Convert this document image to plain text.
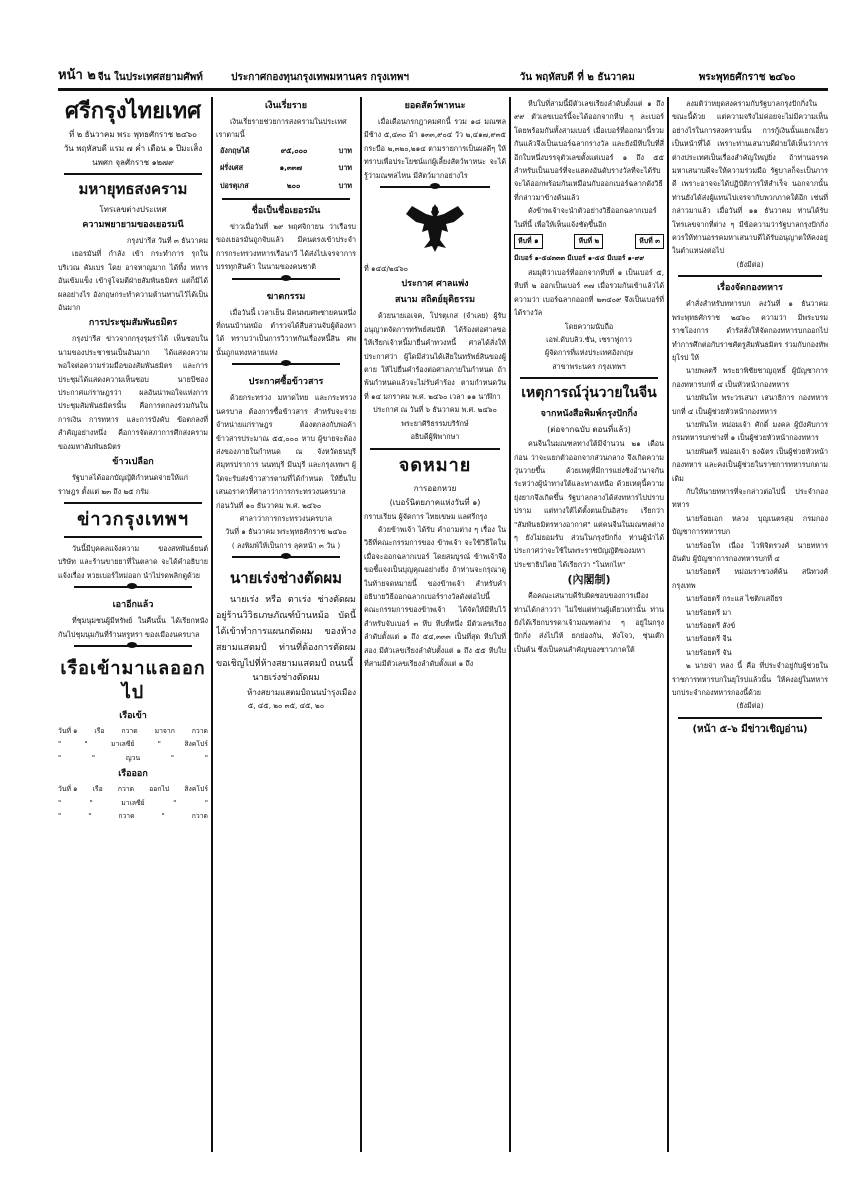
หน้า ๒ จีน ในประเทศสยามศัพท์	ประกาศกองทุนกรุงเทพมหานคร กรุงเทพฯ	วัน พฤหัสบดี ที่ ๒ ธันวาคม	พระพุทธศักราช ๒๔๖๐
ศรีกรุงไทยเทศ
ที่ ๒ ธันวาคม พระ พุทธศักราช ๒๔๖๐
วัน พฤหัสบดี แรม ๗ ค่ำ เดือน ๑ ปีมะเส็ง
นพศก จุลศักราช ๑๒๗๙
มหายุทธสงคราม
โทรเลขต่างประเทศ
ความพยายามของเยอรมนี
กรุงปารีส วันที่ ๓ ธันวาคม

เยอรมันที่ กำลัง เข้า กระทำการ รุกในบริเวณ คัมเบร โดย อาจหาญมาก ได้ทิ้ง ทหาร อันเข้มแข็ง เข้าจู่โจมตีฝ่ายสัมพันธมิตร แต่ก็มิได้ผลอย่างไร อังกฤษกระทำความต้านทานไว้ได้เป็นอันมาก

การประชุมสัมพันธมิตร

กรุงปารีส ข่าวจากกรุงรุมร่าได้ เห็นชอบในนามของประชาชนเป็นอันมาก ได้แสดงความพอใจต่อความร่วมมือของสัมพันธมิตร และการประชุมได้แสดงความเห็นชอบ นายบีชอง ประกาศแก่ราษฎรว่า ผลอันน่าพอใจแห่งการประชุมสัมพันธมิตรนั้น คือการตกลงร่วมกันในการเงิน การทหาร และการบังคับ ข้อตกลงที่สำคัญอย่างหนึ่ง คือการจัดสภาการศึกสงครามของมหาสัมพันธมิตร

ข้าวเปลือก

รัฐบาลได้ออกบัญญัติกำหนดจ่ายให้แก่ราษฎร ตั้งแต่ ๒๓ ถึง ๒๕ กรัม

ข่าวกรุงเทพฯ

วันนี้มีบุคคลแจ้งความ ของสหพันธ์ยนต์ บริษัท และร้านขายยาที่ในตลาด จะได้คำอธิบายแจ้งเรื่อง หวยเบอร์ใหม่ออก นำไปรดพลิกดูด้วย

เอาอีกแล้ว

ที่ชุมนุมชนผู้มีทรัพย์ ในคืนนั้น ได้เรียกหนังกันไปชุมนุมกันที่ร้านหรูหรา ของเมืองนครบาล

เรือเข้ามาแลออกไป
เรือเข้า
วันที่ ๑ เรือ กวาด มาจาก กวาด
"	"	มาเลซีย์	"	สิงคโปร์
"	"	ญวน	"	"
เรือออก
วันที่ ๑ เรือ กวาด ออกไป สิงคโปร์
"	"	มาเลซีย์	"	"
"	"	กวาด	"	กวาด
เงินเรี่ยราย

เงินเรี่ยรายช่วยการสงครามในประเทศเราตามนี้

อังกฤษได้	๙๕,๐๐๐	บาท
ฝรั่งเศส	๑,๓๓๗	บาท
ปอรตุเกส	๒๐๐	บาท
ชื่อเป็นชื่อเยอรมัน

ข่าวเมื่อวันที่ ๒๙ พฤศจิกายน ว่าเรือรบของเยอรมันถูกจับแล้ว มีคนตรงเข้าประจำการกระทรวงทหารเรือนาวี ได้ส่งไปเจรจาการบรรทุกสินค้า ในนามของคนชาติ

ฆาตกรรม

เมื่อวันนี้ เวลาเย็น มีคนพบศพชายคนหนึ่ง ที่ถนนบ้านหม้อ ตำรวจได้สืบสวนจับผู้ต้องหาได้ ทราบว่าเป็นการวิวาทกันเรื่องหนี้สิน ศพนั้นถูกแทงหลายแห่ง

ประกาศซื้อข้าวสาร

ด้วยกระทรวง มหาดไทย และกระทรวงนครบาล ต้องการซื้อข้าวสาร สำหรับจะจ่ายจำหน่ายแก่ราษฎร ต้องตกลงกับพ่อค้า ข้าวสารประมาณ ๕๕,๐๐๐ หาบ ผู้ขายจะต้องส่งของภายในกำหนด ณ จังหวัดธนบุรี สมุทรปราการ นนทบุรี มีนบุรี และกรุงเทพฯ ผู้ใดจะรับส่งข้าวสารตามที่ได้กำหนด ให้ยื่นใบเสนอราคาที่ศาลาว่าการกระทรวงนครบาล ก่อนวันที่ ๑๐ ธันวาคม พ.ศ. ๒๔๖๐

ศาลาว่าการกระทรวงนครบาล
วันที่ ๑ ธันวาคม พระพุทธศักราช ๒๔๖๐
( ลงพิมพ์ให้เป็นการ ลุคหน้า ๓ วัน )
นายเร่งช่างตัดผม

นายเร่ง หรือ ตาเร่ง ช่างตัดผม อยู่ร้านวิวิธเภษภัณฑ์บ้านหม้อ บัดนี้ได้เข้าทำการแผนกตัดผม ของห้างสยามแสตมป์ ท่านที่ต้องการตัดผม ขอเชิญไปที่ห้างสยามแสตมป์ ถนนนี้

นายเร่งช่างตัดผม
ห้างสยามแสตมป์ถนนบำรุงเมือง
๕, ๔๕, ๒๐ ๓๕, ๔๕, ๒๐
ยอดสัตว์พาหนะ

เมื่อเดือนกรกฎาคมศกนี้ รวม ๑๘ มณฑล มีช้าง ๕,๔๓๐ ม้า ๑๓๓,๙๐๔ วัว ๒,๔๑๗,๙๓๕ กระบือ ๒,๓๒๐,๒๑๔ ตามรายการเป็นผลดีๆ ให้ทราบเพื่อประโยชน์แก่ผู้เลี้ยงสัตว์พาหนะ จะได้รู้ว่ามณฑลไหน มีสัตว์มากอย่างไร

ที่ ๑๔๔/๒๔๖๐
ประกาศ ศาลแพ่ง
สนาม สถิตย์ยุติธรรม

ด้วยนายเอเจค, โปรตุเกส (จำเลย) ผู้รับอนุญาตจัดการทรัพย์สมบัติ ได้ร้องต่อศาลขอให้เรียกเจ้าหนี้มายื่นคำทวงหนี้ ศาลได้สั่งให้ประกาศว่า ผู้ใดมีส่วนได้เสียในทรัพย์สินของผู้ตาย ให้ไปยื่นคำร้องต่อศาลภายในกำหนด ถ้าพ้นกำหนดแล้วจะไม่รับคำร้อง ตามกำหนดวันที่ ๑๔ มกราคม พ.ศ. ๒๔๖๐ เวลา ๑๑ นาฬิกา

ประกาศ ณ วันที่ ๖ ธันวาคม พ.ศ. ๒๔๖๐
พระยาศิริธรรมบริรักษ์
อธิบดีผู้พิพากษา
จดหมาย
การออกหวย
(เบอร์นิตยภาคแห่งวันที่ ๑)
กราบเรียน ผู้จัดการ ไทยเขษม แลศรีกรุง

ด้วยข้าพเจ้า ได้รับ คำถามต่าง ๆ เรื่อง ในวิธีที่คณะกรรมการของ ข้าพเจ้า จะใช้วิธีใดในเมื่อจะออกฉลากเบอร์ โดยสมบูรณ์ ข้าพเจ้าจึงขอชี้แจงเป็นบุญคุณอย่างยิ่ง ถ้าท่านจะกรุณาดูในท้ายจดหมายนี้ ของข้าพเจ้า สำหรับคำอธิบายวิธีออกฉลากเบอร์รางวัลดังต่อไปนี้ คณะกรรมการของข้าพเจ้า ได้จัดให้มีหีบไว้สำหรับจับเบอร์ ๓ หีบ หีบที่หนึ่ง มีตัวเลขเรียงลำดับตั้งแต่ ๑ ถึง ๕๔,๓๓๓ เป็นที่สุด หีบใบที่สอง มีตัวเลขเรียงลำดับตั้งแต่ ๑ ถึง ๕๕ หีบใบที่สามมีตัวเลขเรียงลำดับตั้งแต่ ๑ ถึง

หีบใบที่สามนี้มีตัวเลขเรียงลำดับตั้งแต่ ๑ ถึง ๙๙ ตัวเลขเบอร์นี้จะได้ออกจากหีบ ๆ ละเบอร์ โดยพร้อมกันทั้งสามเบอร์ เมื่อเบอร์ที่ออกมานี้รวมกันแล้วจึงเป็นเบอร์ฉลากรางวัล และยังมีหีบใบที่สี่อีกใบหนึ่งบรรจุตัวเลขตั้งแต่เบอร์ ๑ ถึง ๕๕ สำหรับเป็นเบอร์ที่จะแสดงอันดับรางวัลที่จะได้รับ จะได้ออกพร้อมกันเหมือนกับออกเบอร์ฉลากดังวิธีที่กล่าวมาข้างต้นแล้ว

ดังข้าพเจ้าจะนำตัวอย่างวิธีออกฉลากเบอร์ในที่นี้ เพื่อให้เห็นแจ้งชัดขึ้นอีก

หีบที่ ๑	หีบที่ ๒	หีบที่ ๓
มีเบอร์ ๑-๕๔๓๓๓ มีเบอร์ ๑-๕๕ มีเบอร์ ๑-๙๙

สมมุติว่าเบอร์ที่ออกจากหีบที่ ๑ เป็นเบอร์ ๕, หีบที่ ๒ ออกเป็นเบอร์ ๓๗ เมื่อรวมกันเข้าแล้วได้ความว่า เบอร์ฉลากออกที่ ๒๓๔๐๙ จึงเป็นเบอร์ที่ได้รางวัล

โดยความนับถือ
เอฟ.ดับบลิว.ซัน, เซราฟูกาว
ผู้จัดการที่แห่งประเทศอังกฤษ
สาขาพระนคร กรุงเทพฯ
เหตุการณ์วุ่นวายในจีน
จากหนังสือพิมพ์กรุงปักกิ่ง
(ต่อจากฉบับ ตอนที่แล้ว)

คนจีนในมณฑลทางใต้มีจำนวน ๒๑ เดือนก่อน ว่าจะแยกตัวออกจากส่วนกลาง จึงเกิดความวุ่นวายขึ้น ด้วยเหตุที่มีการแย่งชิงอำนาจกันระหว่างผู้นำทางใต้และทางเหนือ ด้วยเหตุนี้ความยุ่งยากจึงเกิดขึ้น รัฐบาลกลางได้ส่งทหารไปปราบปราม แต่ทางใต้ได้ตั้งตนเป็นอิสระ เรียกว่า "สัมพันธมิตรทางอากาศ" แต่คนจีนในมณฑลต่าง ๆ ยังไม่ยอมรับ ส่วนในกรุงปักกิ่ง ท่านผู้นำได้ประกาศว่าจะใช้ในพระราชบัญญัติของมหาประชาธิปไตย ได้เรียกว่า "โนหกไห"

(內閣制)

คือคณะเสนาบดีรับผิดชอบของการเมือง ท่านได้กล่าวว่า ไม่ใช่แต่ท่านผู้เดียวเท่านั้น ท่านยังได้เรียกบรรดาเจ้ามณฑลต่าง ๆ อยู่ในกรุงปักกิ่ง ส่งไปให้ ยกย่องกัน, หังโจว, ซุ่นเต๊ก เป็นต้น ซึ่งเป็นคนสำคัญของชาวภาคใต้

ลงมติว่าหยุดสงครามกับรัฐบาลกรุงปักกิ่งในขณะนี้ด้วย แต่ความจริงไม่ค่อยจะไม่มีความเห็นอย่างไรในการสงครามนั้น การกู้เงินนั้นแยกเอี่ยวเป็นหน้าที่ได้ เพราะท่านเสนาบดีฝ่ายใต้เห็นว่าการต่างประเทศเป็นเรื่องสำคัญใหญ่ยิ่ง ถ้าท่านอรรคมหาเสนาบดีจะให้ความร่วมมือ รัฐบาลก็จะเป็นการดี เพราะอาจจะได้ปฏิบัติการให้สำเร็จ นอกจากนั้นท่านยังได้ส่งผู้แทนไปเจรจากับพวกภาคใต้อีก เช่นที่กล่าวมาแล้ว เมื่อวันที่ ๑๑ ธันวาคม ท่านได้รับโทรเลขจากที่ต่าง ๆ มีข้อความว่ารัฐบาลกรุงปักกิ่งควรให้ท่านอรรคมหาเสนาบดีได้รับอนุญาตให้คงอยู่ในตำแหน่งต่อไป

(ยังมีต่อ)
เรื่องจัดกองทหาร

คำสั่งสำหรับทหารบก ลงวันที่ ๑ ธันวาคม พระพุทธศักราช ๒๔๖๐ ความว่า มีพระบรมราชโองการ ดำรัสสั่งให้จัดกองทหารบกออกไปทำการศึกต่อกับราชศัตรูสัมพันธมิตร ร่วมกับกองทัพยุโรป ให้

นายพลตรี พระยาพิชัยชาญฤทธิ์ ผู้บัญชาการกองทหารบกที่ ๔ เป็นหัวหน้ากองทหาร

นายพันโท พระวรเสนา เสนาธิการ กองทหารบกที่ ๔ เป็นผู้ช่วยหัวหน้ากองทหาร

นายพันโท หม่อมเจ้า ศักดิ์ มงคล ผู้บังคับการกรมทหารบกช่างที่ ๑ เป็นผู้ช่วยหัวหน้ากองทหาร

นายพันตรี หม่อมเจ้า ธงฉัตร เป็นผู้ช่วยหัวหน้ากองทหาร และคงเป็นผู้ช่วยในราชการทหารบกตามเดิม

กับให้นายทหารที่จะกล่าวต่อไปนี้ ประจำกองทหาร

นายร้อยเอก หลวง บุญเนตรสุม กรมกองบัญชาการทหารบก

นายร้อยโท เนื่อง ไวพิจิตรวงศ์ นายทหารอันดับ ผู้บัญชาการกองทหารบกที่ ๔

นายร้อยตรี หม่อมราชวงศ์ค้น สนิทวงศ์ กรุงเทพ

นายร้อยตรี กระแส ไชติกเสถียร

นายร้อยตรี มา

นายร้อยตรี สังข์

นายร้อยตรี จีน

นายร้อยตรี จัน

๒ นายจ่า หลง นี้ คือ ที่ประจำอยู่กับผู้ช่วยในราชการทหารบกในยุโรปแล้วนั้น ให้คงอยู่ในทหารบกประจำกองทหารกองนี้ด้วย

(ยังมีต่อ)
(หน้า ๕-๖ มีข่าวเชิญอ่าน)
